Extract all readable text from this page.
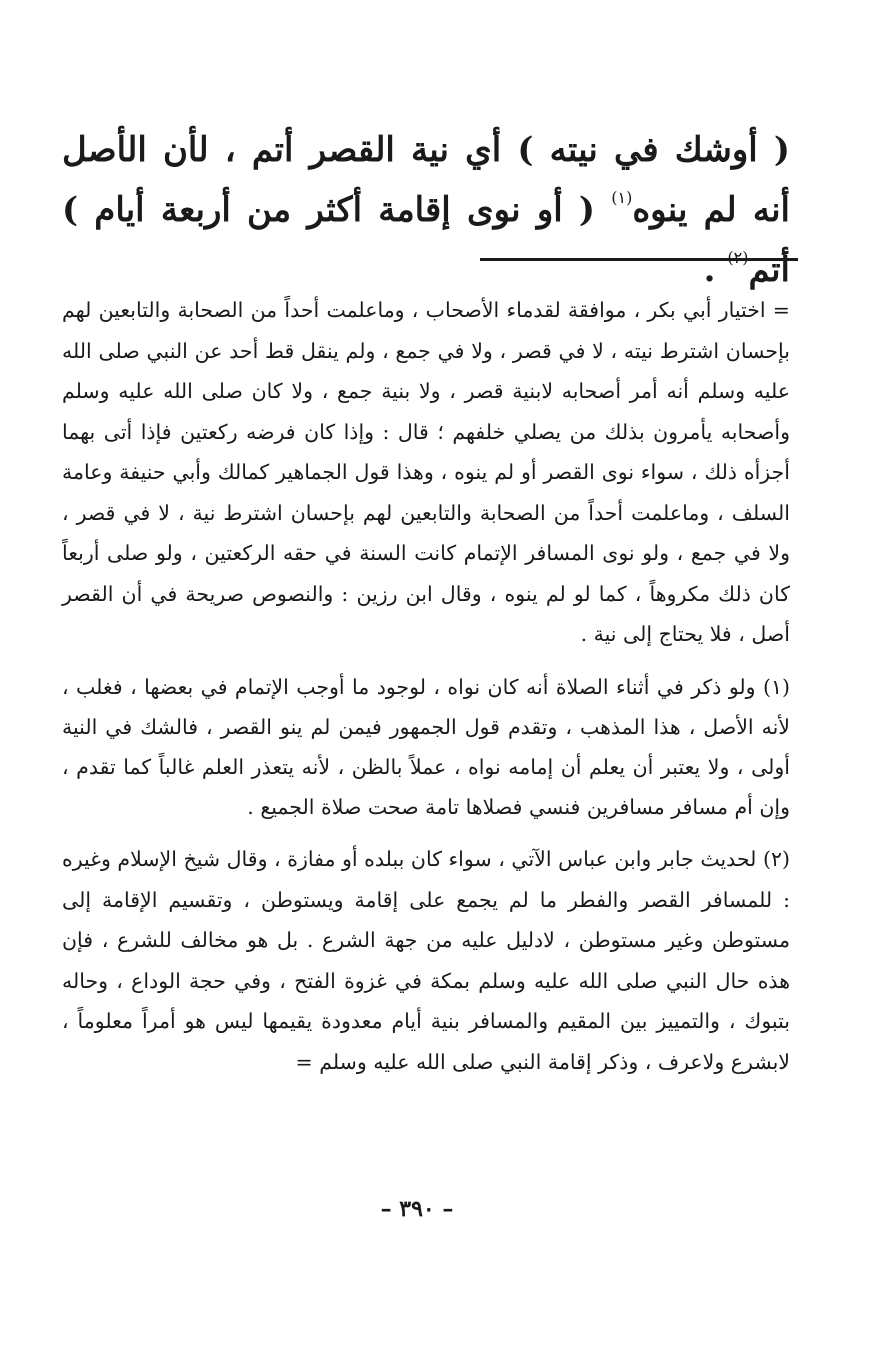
( أوشك في نيته ) أي نية القصر أتم ، لأن الأصل أنه لم ينوه$^{(١)}$ ( أو نوى إقامة أكثر من أربعة أيام ) أتم$^{(٢)}$ .

= اختيار أبي بكر ، موافقة لقدماء الأصحاب ، وماعلمت أحداً من الصحابة والتابعين لهم بإحسان اشترط نيته ، لا في قصر ، ولا في جمع ، ولم ينقل قط أحد عن النبي صلى الله عليه وسلم أنه أمر أصحابه لابنية قصر ، ولا بنية جمع ، ولا كان صلى الله عليه وسلم وأصحابه يأمرون بذلك من يصلي خلفهم ؛ قال : وإذا كان فرضه ركعتين فإذا أتى بهما أجزأه ذلك ، سواء نوى القصر أو لم ينوه ، وهذا قول الجماهير كمالك وأبي حنيفة وعامة السلف ، وماعلمت أحداً من الصحابة والتابعين لهم بإحسان اشترط نية ، لا في قصر ، ولا في جمع ، ولو نوى المسافر الإتمام كانت السنة في حقه الركعتين ، ولو صلى أربعاً كان ذلك مكروهاً ، كما لو لم ينوه ، وقال ابن رزين : والنصوص صريحة في أن القصر أصل ، فلا يحتاج إلى نية .

(١) ولو ذكر في أثناء الصلاة أنه كان نواه ، لوجود ما أوجب الإتمام في بعضها ، فغلب ، لأنه الأصل ، هذا المذهب ، وتقدم قول الجمهور فيمن لم ينو القصر ، فالشك في النية أولى ، ولا يعتبر أن يعلم أن إمامه نواه ، عملاً بالظن ، لأنه يتعذر العلم غالباً كما تقدم ، وإن أم مسافر مسافرين فنسي فصلاها تامة صحت صلاة الجميع .

(٢) لحديث جابر وابن عباس الآتي ، سواء كان ببلده أو مفازة ، وقال شيخ الإسلام وغيره : للمسافر القصر والفطر ما لم يجمع على إقامة ويستوطن ، وتقسيم الإقامة إلى مستوطن وغير مستوطن ، لادليل عليه من جهة الشرع . بل هو مخالف للشرع ، فإن هذه حال النبي صلى الله عليه وسلم بمكة في غزوة الفتح ، وفي حجة الوداع ، وحاله بتبوك ، والتمييز بين المقيم والمسافر بنية أيام معدودة يقيمها ليس هو أمراً معلوماً ، لابشرع ولاعرف ، وذكر إقامة النبي صلى الله عليه وسلم =

– ٣٩٠ –
